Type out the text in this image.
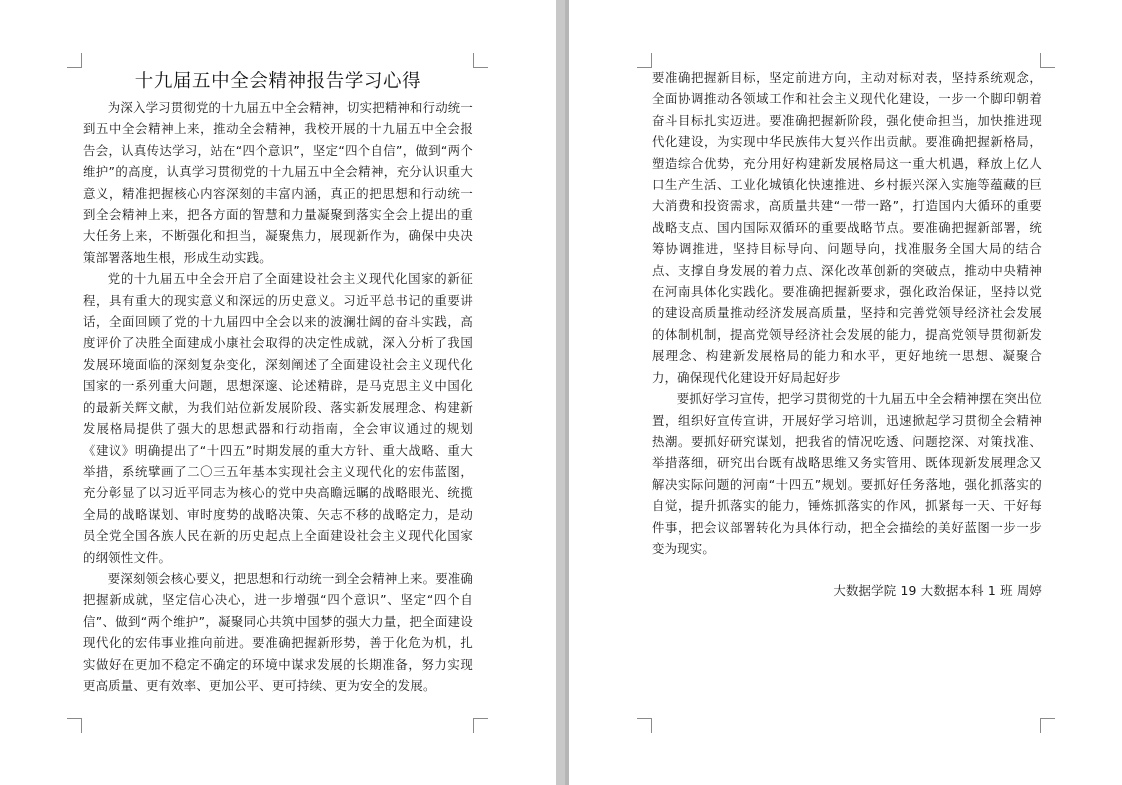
十九届五中全会精神报告学习心得

为深入学习贯彻党的十九届五中全会精神，切实把精神和行动统一到五中全会精神上来，推动全会精神，我校开展的十九届五中全会报告会，认真传达学习，站在“四个意识”，坚定“四个自信”，做到“两个维护”的高度，认真学习贯彻党的十九届五中全会精神，充分认识重大意义，精准把握核心内容深刻的丰富内涵，真正的把思想和行动统一到全会精神上来，把各方面的智慧和力量凝聚到落实全会上提出的重大任务上来，不断强化和担当，凝聚焦力，展现新作为，确保中央决策部署落地生根，形成生动实践。

党的十九届五中全会开启了全面建设社会主义现代化国家的新征程，具有重大的现实意义和深远的历史意义。习近平总书记的重要讲话，全面回顾了党的十九届四中全会以来的波澜壮阔的奋斗实践，高度评价了决胜全面建成小康社会取得的决定性成就，深入分析了我国发展环境面临的深刻复杂变化，深刻阐述了全面建设社会主义现代化国家的一系列重大问题，思想深邃、论述精辟，是马克思主义中国化的最新关辉文献，为我们站位新发展阶段、落实新发展理念、构建新发展格局提供了强大的思想武器和行动指南，全会审议通过的规划《建议》明确提出了“十四五”时期发展的重大方针、重大战略、重大举措，系统擘画了二〇三五年基本实现社会主义现代化的宏伟蓝图，充分彰显了以习近平同志为核心的党中央高瞻远瞩的战略眼光、统揽全局的战略谋划、审时度势的战略决策、矢志不移的战略定力，是动员全党全国各族人民在新的历史起点上全面建设社会主义现代化国家的纲领性文件。

要深刻领会核心要义，把思想和行动统一到全会精神上来。要准确把握新成就，坚定信心决心，进一步增强“四个意识”、坚定“四个自信”、做到“两个维护”，凝聚同心共筑中国梦的强大力量，把全面建设现代化的宏伟事业推向前进。要准确把握新形势，善于化危为机，扎实做好在更加不稳定不确定的环境中谋求发展的长期准备，努力实现更高质量、更有效率、更加公平、更可持续、更为安全的发展。

要准确把握新目标，坚定前进方向，主动对标对表，坚持系统观念，全面协调推动各领域工作和社会主义现代化建设，一步一个脚印朝着奋斗目标扎实迈进。要准确把握新阶段，强化使命担当，加快推进现代化建设，为实现中华民族伟大复兴作出贡献。要准确把握新格局，塑造综合优势，充分用好构建新发展格局这一重大机遇，释放上亿人口生产生活、工业化城镇化快速推进、乡村振兴深入实施等蕴藏的巨大消费和投资需求，高质量共建“一带一路”，打造国内大循环的重要战略支点、国内国际双循环的重要战略节点。要准确把握新部署，统筹协调推进，坚持目标导向、问题导向，找准服务全国大局的结合点、支撑自身发展的着力点、深化改革创新的突破点，推动中央精神在河南具体化实践化。要准确把握新要求，强化政治保证，坚持以党的建设高质量推动经济发展高质量，坚持和完善党领导经济社会发展的体制机制，提高党领导经济社会发展的能力，提高党领导贯彻新发展理念、构建新发展格局的能力和水平，更好地统一思想、凝聚合力，确保现代化建设开好局起好步

要抓好学习宣传，把学习贯彻党的十九届五中全会精神摆在突出位置，组织好宣传宣讲，开展好学习培训，迅速掀起学习贯彻全会精神热潮。要抓好研究谋划，把我省的情况吃透、问题挖深、对策找准、举措落细，研究出台既有战略思维又务实管用、既体现新发展理念又解决实际问题的河南“十四五”规划。要抓好任务落地，强化抓落实的自觉，提升抓落实的能力，锤炼抓落实的作风，抓紧每一天、干好每件事，把会议部署转化为具体行动，把全会描绘的美好蓝图一步一步变为现实。

大数据学院 19 大数据本科 1 班 周婷
